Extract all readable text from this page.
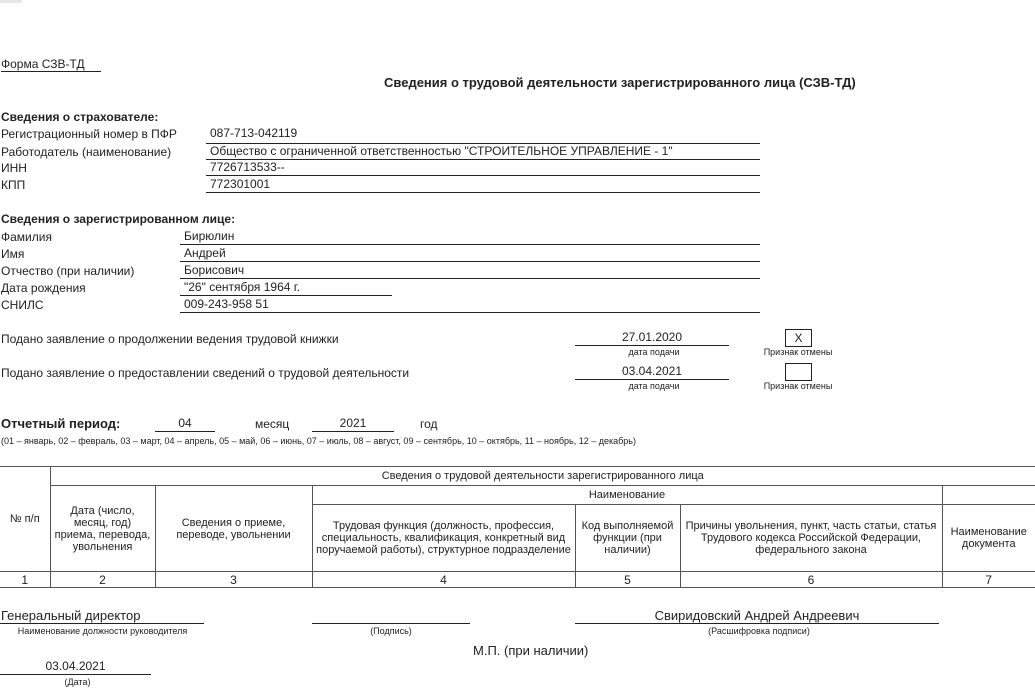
Форма СЗВ-ТД
Сведения о трудовой деятельности зарегистрированного лица (СЗВ-ТД)
Сведения о страхователе:
Регистрационный номер в ПФР	087-713-042119
Работодатель (наименование)	Общество с ограниченной ответственностью "СТРОИТЕЛЬНОЕ УПРАВЛЕНИЕ - 1"
ИНН	7726713533--
КПП	772301001
Сведения о зарегистрированном лице:
Фамилия	Бирюлин
Имя	Андрей
Отчество (при наличии)	Борисович
Дата рождения	"26" сентября 1964 г.
СНИЛС	009-243-958 51
Подано заявление о продолжении ведения трудовой книжки	27.01.2020
дата подачи
X
Признак отмены
Подано заявление о предоставлении сведений о трудовой деятельности	03.04.2021
дата подачи	Признак отмены
Отчетный период:	04	месяц	2021	год
(01 – январь, 02 – февраль, 03 – март, 04 – апрель, 05 – май, 06 – июнь, 07 – июль, 08 – август, 09 – сентябрь, 10 – октябрь, 11 – ноябрь, 12 – декабрь)
№ п/п	Сведения о трудовой деятельности зарегистрированного лица					
	Дата (число, месяц, год) приема, перевода, увольнения	Сведения о приеме, переводе, увольнении	Наименование			
			Трудовая функция (должность, профессия, специальность, квалификация, конкретный вид поручаемой работы), структурное подразделение	Код выполняемой функции (при наличии)	Причины увольнения, пункт, часть статьи, статья Трудового кодекса Российской Федерации, федерального закона	Наименование документа
1	2	3	4	5	6	7
Генеральный директор
Наименование должности руководителя	(Подпись)
Свиридовский Андрей Андреевич
(Расшифровка подписи)
М.П. (при наличии)
03.04.2021
(Дата)
